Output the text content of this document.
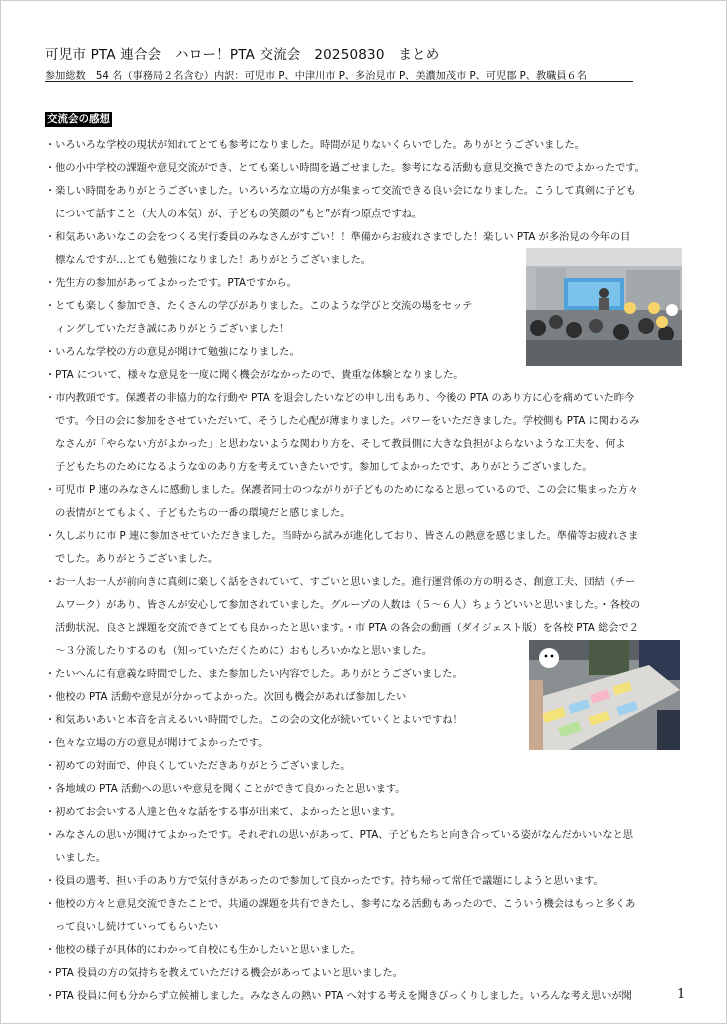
可児市 PTA 連合会　ハロー！PTA 交流会　20250830　まとめ
参加総数　54 名（事務局２名含む）内訳：可児市 P、中津川市 P、多治見市 P、美濃加茂市 P、可児郡 P、教職員６名
交流会の感想
・いろいろな学校の現状が知れてとても参考になりました。時間が足りないくらいでした。ありがとうございました。
・他の小中学校の課題や意見交流ができ、とても楽しい時間を過ごせました。参考になる活動も意見交換できたのでよかったです。
・楽しい時間をありがとうございました。いろいろな立場の方が集まって交流できる良い会になりました。こうして真剣に子ども
　について話すこと（大人の本気）が、子どもの笑顔の“もと”が育つ原点ですね。
・和気あいあいなこの会をつくる実行委員のみなさんがすごい！！準備からお疲れさまでした！楽しい PTA が多治見の今年の目
　標なんですが…とても勉強になりました！ありがとうございました。
・先生方の参加があってよかったです。PTAですから。
・とても楽しく参加でき、たくさんの学びがありました。このような学びと交流の場をセッテ
　ィングしていただき誠にありがとうございました！
・いろんな学校の方の意見が聞けて勉強になりました。
・PTA について、様々な意見を一度に聞く機会がなかったので、貴重な体験となりました。
・市内教頭です。保護者の非協力的な行動や PTA を退会したいなどの申し出もあり、今後の PTA のあり方に心を痛めていた昨今
　です。今日の会に参加をさせていただいて、そうした心配が薄まりました。パワーをいただきました。学校側も PTA に関わるみ
　なさんが「やらない方がよかった」と思わないような関わり方を、そして教員側に大きな負担がよらないような工夫を、何よ
　子どもたちのためになるような①のあり方を考えていきたいです。参加してよかったです、ありがとうございました。
・可児市 P 連のみなさんに感動しました。保護者同士のつながりが子どものためになると思っているので、この会に集まった方々
　の表情がとてもよく、子どもたちの一番の環境だと感じました。
・久しぶりに市 P 連に参加させていただきました。当時から試みが進化しており、皆さんの熱意を感じました。準備等お疲れさま
　でした。ありがとうございました。
・お一人お一人が前向きに真剣に楽しく話をされていて、すごいと思いました。進行運営係の方の明るさ、創意工夫、団結（チー
　ムワーク）があり、皆さんが安心して参加されていました。グループの人数は（５～６人）ちょうどいいと思いました。・各校の
　活動状況、良さと課題を交流できてとても良かったと思います。・市 PTA の各会の動画（ダイジェスト版）を各校 PTA 総会で２
　～３分流したりするのも（知っていただくために）おもしろいかなと思いました。
・たいへんに有意義な時間でした、また参加したい内容でした。ありがとうございました。
・他校の PTA 活動や意見が分かってよかった。次回も機会があれば参加したい
・和気あいあいと本音を言えるいい時間でした。この会の文化が続いていくとよいですね！
・色々な立場の方の意見が聞けてよかったです。
・初めての対面で、仲良くしていただきありがとうございました。
・各地域の PTA 活動への思いや意見を聞くことができて良かったと思います。
・初めてお会いする人達と色々な話をする事が出来て、よかったと思います。
・みなさんの思いが聞けてよかったです。それぞれの思いがあって、PTA、子どもたちと向き合っている姿がなんだかいいなと思
　いました。
・役員の選考、担い手のあり方で気付きがあったので参加して良かったです。持ち帰って常任で議題にしようと思います。
・他校の方々と意見交流できたことで、共通の課題を共有できたし、参考になる活動もあったので、こういう機会はもっと多くあ
　って良いし続けていってもらいたい
・他校の様子が具体的にわかって自校にも生かしたいと思いました。
・PTA 役員の方の気持ちを教えていただける機会があってよいと思いました。
・PTA 役員に何も分からず立候補しました。みなさんの熱い PTA へ対する考えを聞きびっくりしました。いろんな考え思いが聞	1
